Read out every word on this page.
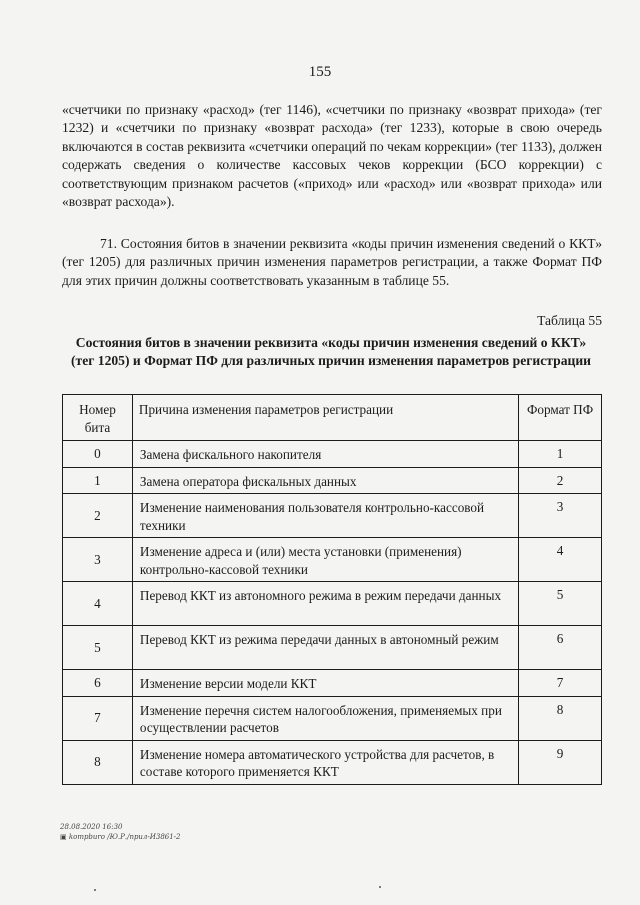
155

«счетчики по признаку «расход» (тег 1146), «счетчики по признаку «возврат прихода» (тег 1232) и «счетчики по признаку «возврат расхода» (тег 1233), которые в свою очередь включаются в состав реквизита «счетчики операций по чекам коррекции» (тег 1133), должен содержать сведения о количестве кассовых чеков коррекции (БСО коррекции) с соответствующим признаком расчетов («приход» или «расход» или «возврат прихода» или «возврат расхода»).

71. Состояния битов в значении реквизита «коды причин изменения сведений о ККТ» (тег 1205) для различных причин изменения параметров регистрации, а также Формат ПФ для этих причин должны соответствовать указанным в таблице 55.

Таблица 55
Состояния битов в значении реквизита «коды причин изменения сведений о ККТ» (тег 1205) и Формат ПФ для различных причин изменения параметров регистрации
Номер бита	Причина изменения параметров регистрации	Формат ПФ
0	Замена фискального накопителя	1
1	Замена оператора фискальных данных	2
2	Изменение наименования пользователя контрольно-кассовой техники	3
3	Изменение адреса и (или) места установки (применения) контрольно-кассовой техники	4
4	Перевод ККТ из автономного режима в режим передачи данных	5
5	Перевод ККТ из режима передачи данных в автономный режим	6
6	Изменение версии модели ККТ	7
7	Изменение перечня систем налогообложения, применяемых при осуществлении расчетов	8
8	Изменение номера автоматического устройства для расчетов, в составе которого применяется ККТ	9
28.08.2020 16:30
▣ kompburo /Ю.Р./прил-И3861-2
